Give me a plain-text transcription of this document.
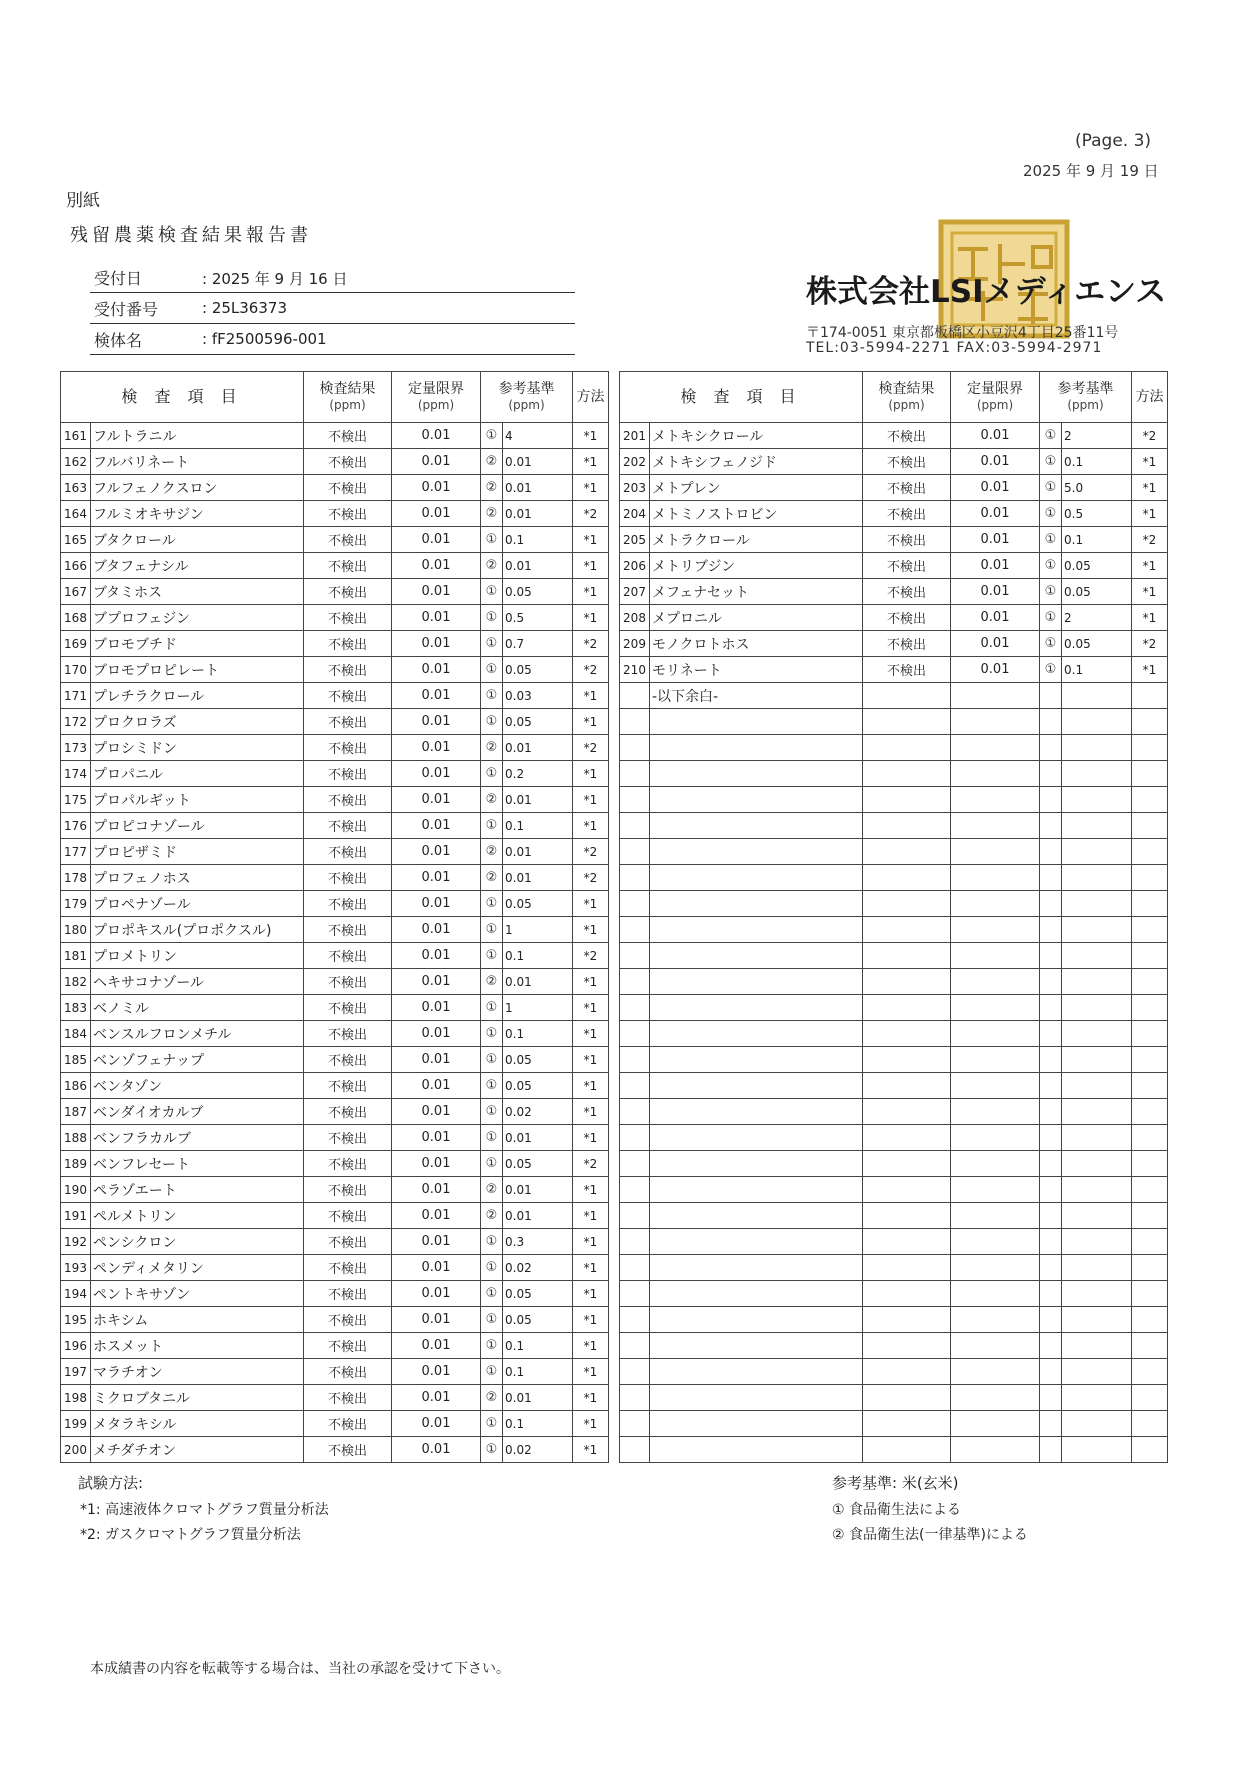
(Page. 3)
2025 年 9 月 19 日
別紙
残留農薬検査結果報告書
受付日	: 2025 年 9 月 16 日
受付番号	: 25L36373
検体名	: fF2500596-001
株式会社LSIメディエンス
〒174-0051 東京都板橋区小豆沢4丁目25番11号
TEL:03-5994-2271 FAX:03-5994-2971
検 査 項 目		検査結果
(ppm)	定量限界
(ppm)	参考基準
(ppm)		方法
161	フルトラニル	不検出	0.01	①	4	*1
162	フルバリネート	不検出	0.01	②	0.01	*1
163	フルフェノクスロン	不検出	0.01	②	0.01	*1
164	フルミオキサジン	不検出	0.01	②	0.01	*2
165	ブタクロール	不検出	0.01	①	0.1	*1
166	ブタフェナシル	不検出	0.01	②	0.01	*1
167	ブタミホス	不検出	0.01	①	0.05	*1
168	ブプロフェジン	不検出	0.01	①	0.5	*1
169	ブロモブチド	不検出	0.01	①	0.7	*2
170	ブロモプロピレート	不検出	0.01	①	0.05	*2
171	プレチラクロール	不検出	0.01	①	0.03	*1
172	プロクロラズ	不検出	0.01	①	0.05	*1
173	プロシミドン	不検出	0.01	②	0.01	*2
174	プロパニル	不検出	0.01	①	0.2	*1
175	プロパルギット	不検出	0.01	②	0.01	*1
176	プロピコナゾール	不検出	0.01	①	0.1	*1
177	プロピザミド	不検出	0.01	②	0.01	*2
178	プロフェノホス	不検出	0.01	②	0.01	*2
179	プロペナゾール	不検出	0.01	①	0.05	*1
180	プロポキスル(プロポクスル)	不検出	0.01	①	1	*1
181	プロメトリン	不検出	0.01	①	0.1	*2
182	ヘキサコナゾール	不検出	0.01	②	0.01	*1
183	ベノミル	不検出	0.01	①	1	*1
184	ベンスルフロンメチル	不検出	0.01	①	0.1	*1
185	ベンゾフェナップ	不検出	0.01	①	0.05	*1
186	ベンタゾン	不検出	0.01	①	0.05	*1
187	ベンダイオカルブ	不検出	0.01	①	0.02	*1
188	ベンフラカルブ	不検出	0.01	①	0.01	*1
189	ベンフレセート	不検出	0.01	①	0.05	*2
190	ペラゾエート	不検出	0.01	②	0.01	*1
191	ペルメトリン	不検出	0.01	②	0.01	*1
192	ペンシクロン	不検出	0.01	①	0.3	*1
193	ペンディメタリン	不検出	0.01	①	0.02	*1
194	ペントキサゾン	不検出	0.01	①	0.05	*1
195	ホキシム	不検出	0.01	①	0.05	*1
196	ホスメット	不検出	0.01	①	0.1	*1
197	マラチオン	不検出	0.01	①	0.1	*1
198	ミクロブタニル	不検出	0.01	②	0.01	*1
199	メタラキシル	不検出	0.01	①	0.1	*1
200	メチダチオン	不検出	0.01	①	0.02	*1
検 査 項 目		検査結果
(ppm)	定量限界
(ppm)	参考基準
(ppm)		方法
201	メトキシクロール	不検出	0.01	①	2	*2
202	メトキシフェノジド	不検出	0.01	①	0.1	*1
203	メトプレン	不検出	0.01	①	5.0	*1
204	メトミノストロビン	不検出	0.01	①	0.5	*1
205	メトラクロール	不検出	0.01	①	0.1	*2
206	メトリブジン	不検出	0.01	①	0.05	*1
207	メフェナセット	不検出	0.01	①	0.05	*1
208	メプロニル	不検出	0.01	①	2	*1
209	モノクロトホス	不検出	0.01	①	0.05	*2
210	モリネート	不検出	0.01	①	0.1	*1
	-以下余白-					

試験方法:
*1: 高速液体クロマトグラフ質量分析法
*2: ガスクロマトグラフ質量分析法
参考基準: 米(玄米)
① 食品衛生法による
② 食品衛生法(一律基準)による
本成績書の内容を転載等する場合は、当社の承認を受けて下さい。
